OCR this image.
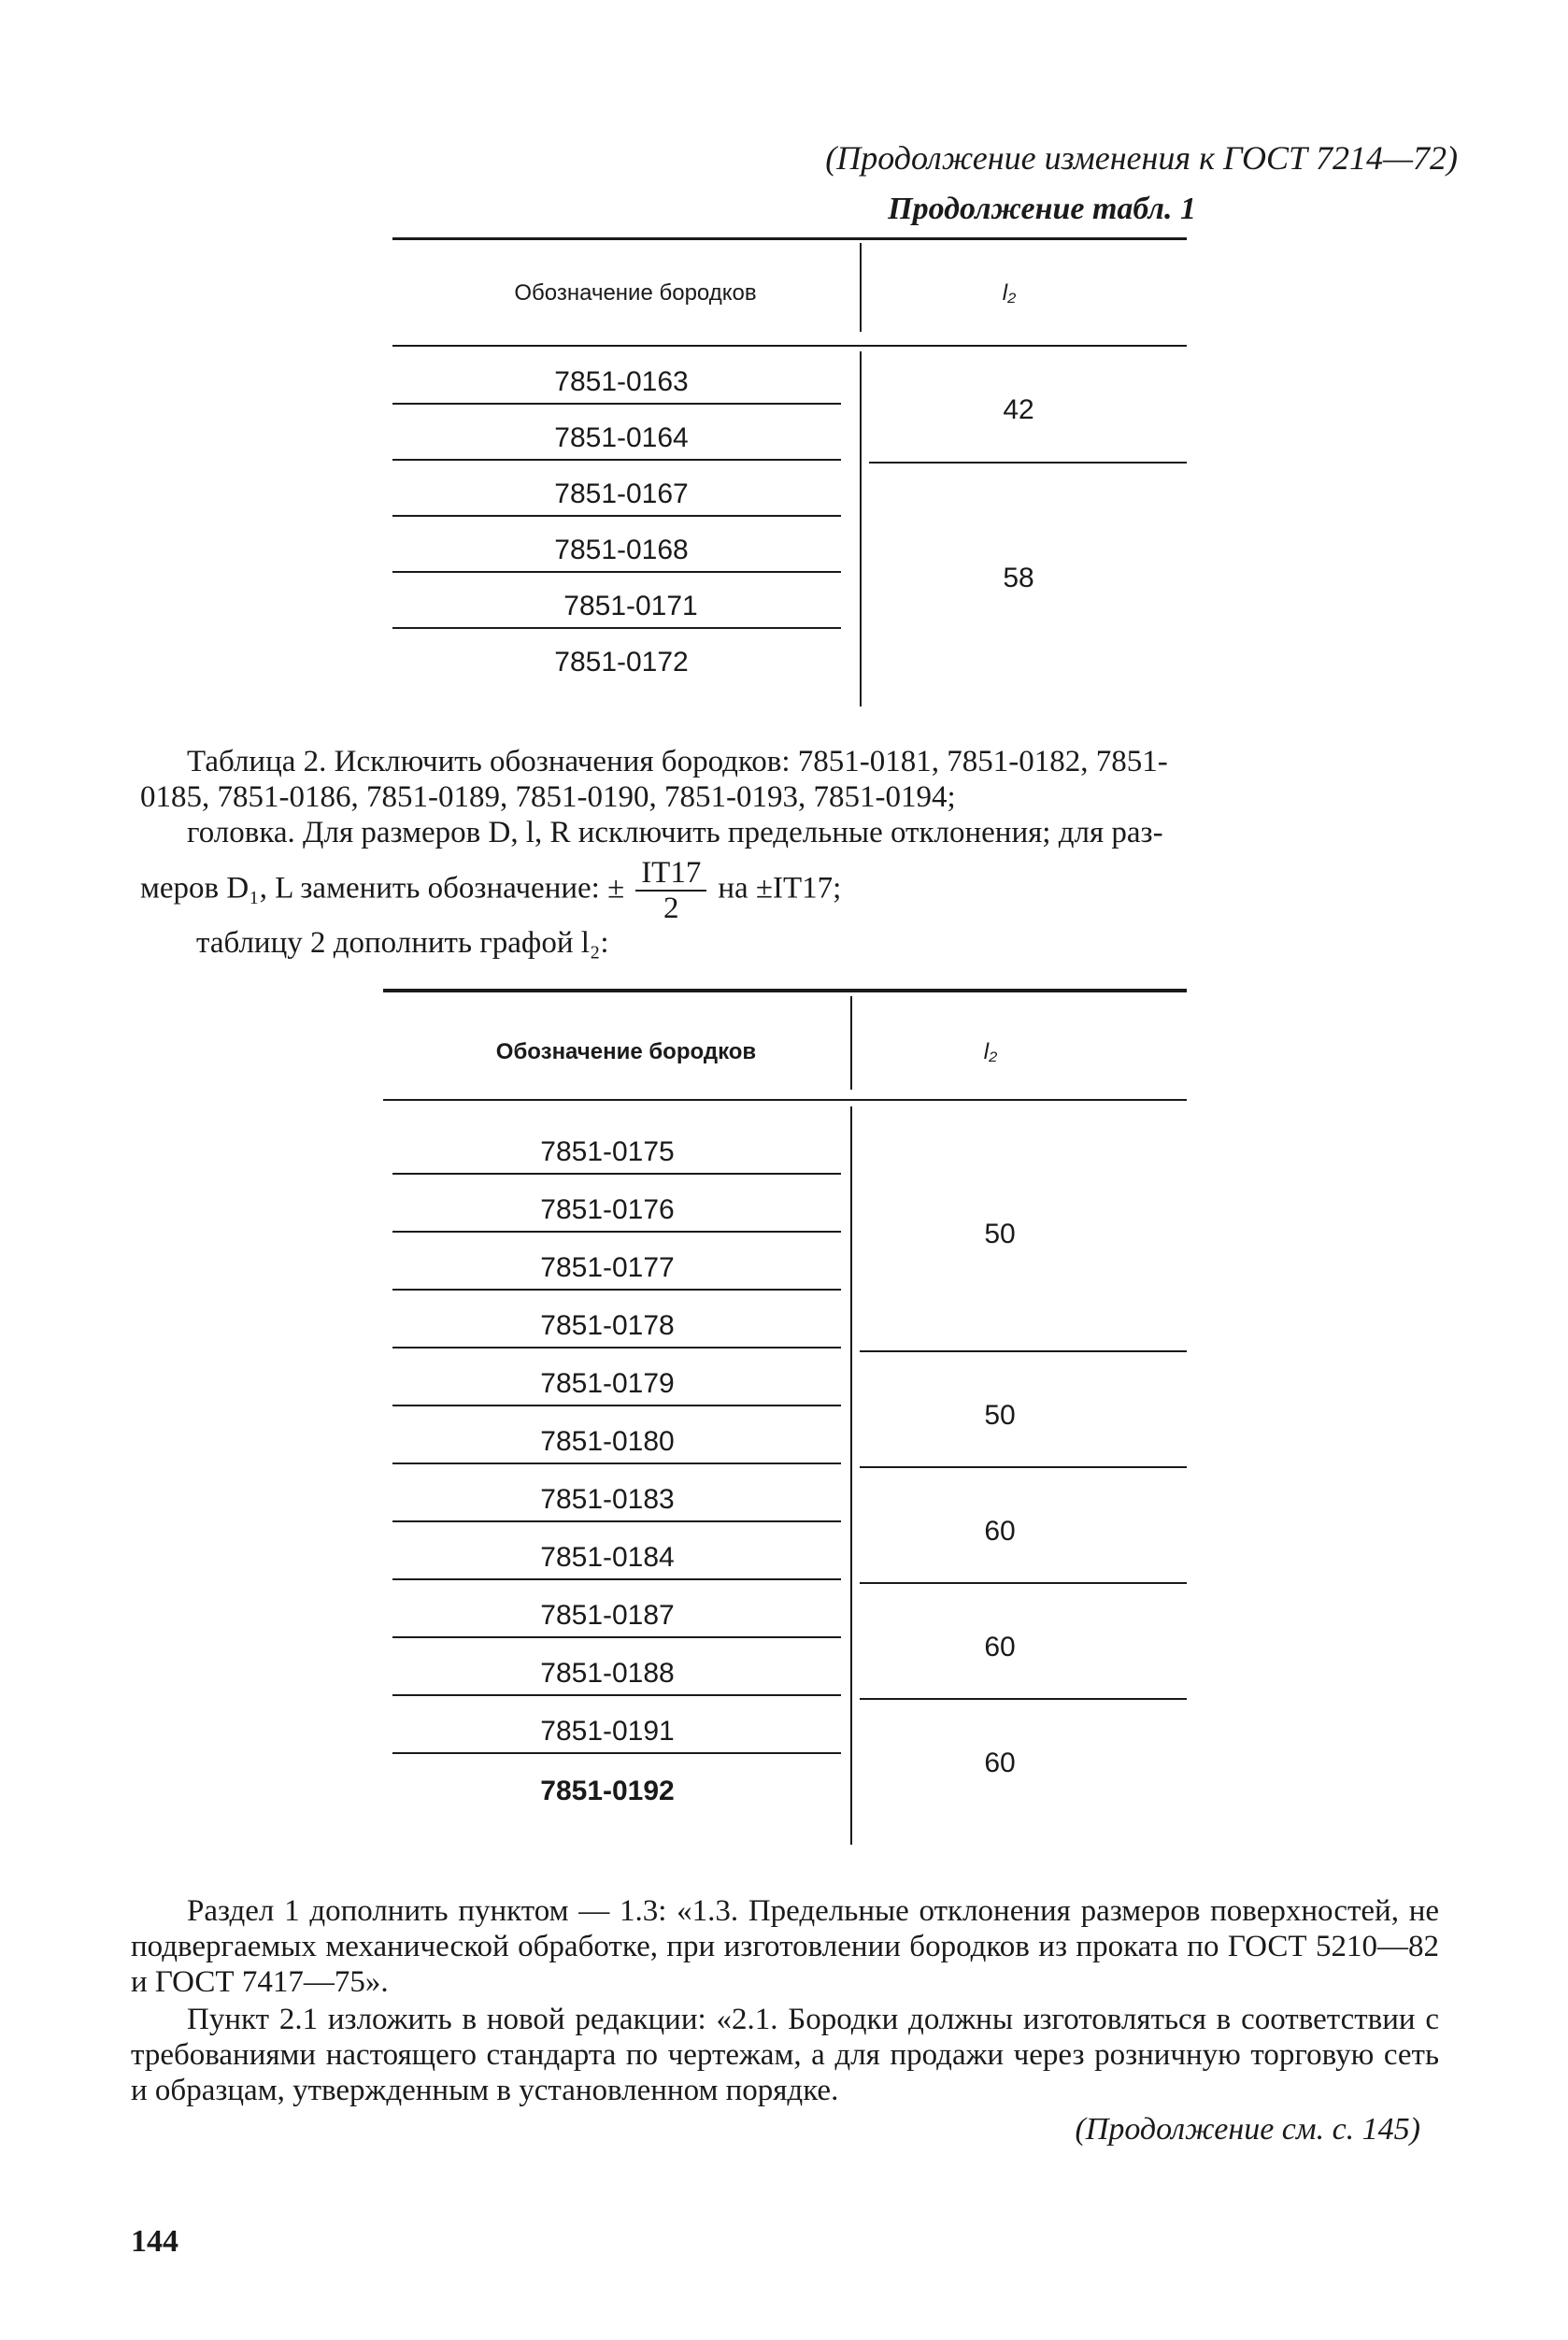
(Продолжение изменения к ГОСТ 7214—72)
Продолжение табл. 1
Обозначение бородков	l₂
7851-0163
7851-0164
7851-0167
7851-0168
7851-0171
7851-0172
42
58
Таблица 2. Исключить обозначения бородков: 7851-0181, 7851-0182, 7851-
0185, 7851-0186, 7851-0189, 7851-0190, 7851-0193, 7851-0194;
головка. Для размеров D, l, R исключить предельные отклонения; для раз-
меров D₁, L заменить обозначение: ± $\frac{IT17}{2}$ на ±IT17;
таблицу 2 дополнить графой l₂:
Обозначение бородков	l₂
7851-0175
7851-0176
7851-0177
7851-0178
7851-0179
7851-0180
7851-0183
7851-0184
7851-0187
7851-0188
7851-0191
7851-0192
50
50
60
60
60
Раздел 1 дополнить пунктом — 1.3: «1.3. Предельные отклонения размеров поверхностей, не подвергаемых механической обработке, при изготовлении бородков из проката по ГОСТ 5210—82 и ГОСТ 7417—75».
Пункт 2.1 изложить в новой редакции: «2.1. Бородки должны изготовляться в соответствии с требованиями настоящего стандарта по чертежам, а для продажи через розничную торговую сеть и образцам, утвержденным в установленном порядке.
(Продолжение см. с. 145)
144
